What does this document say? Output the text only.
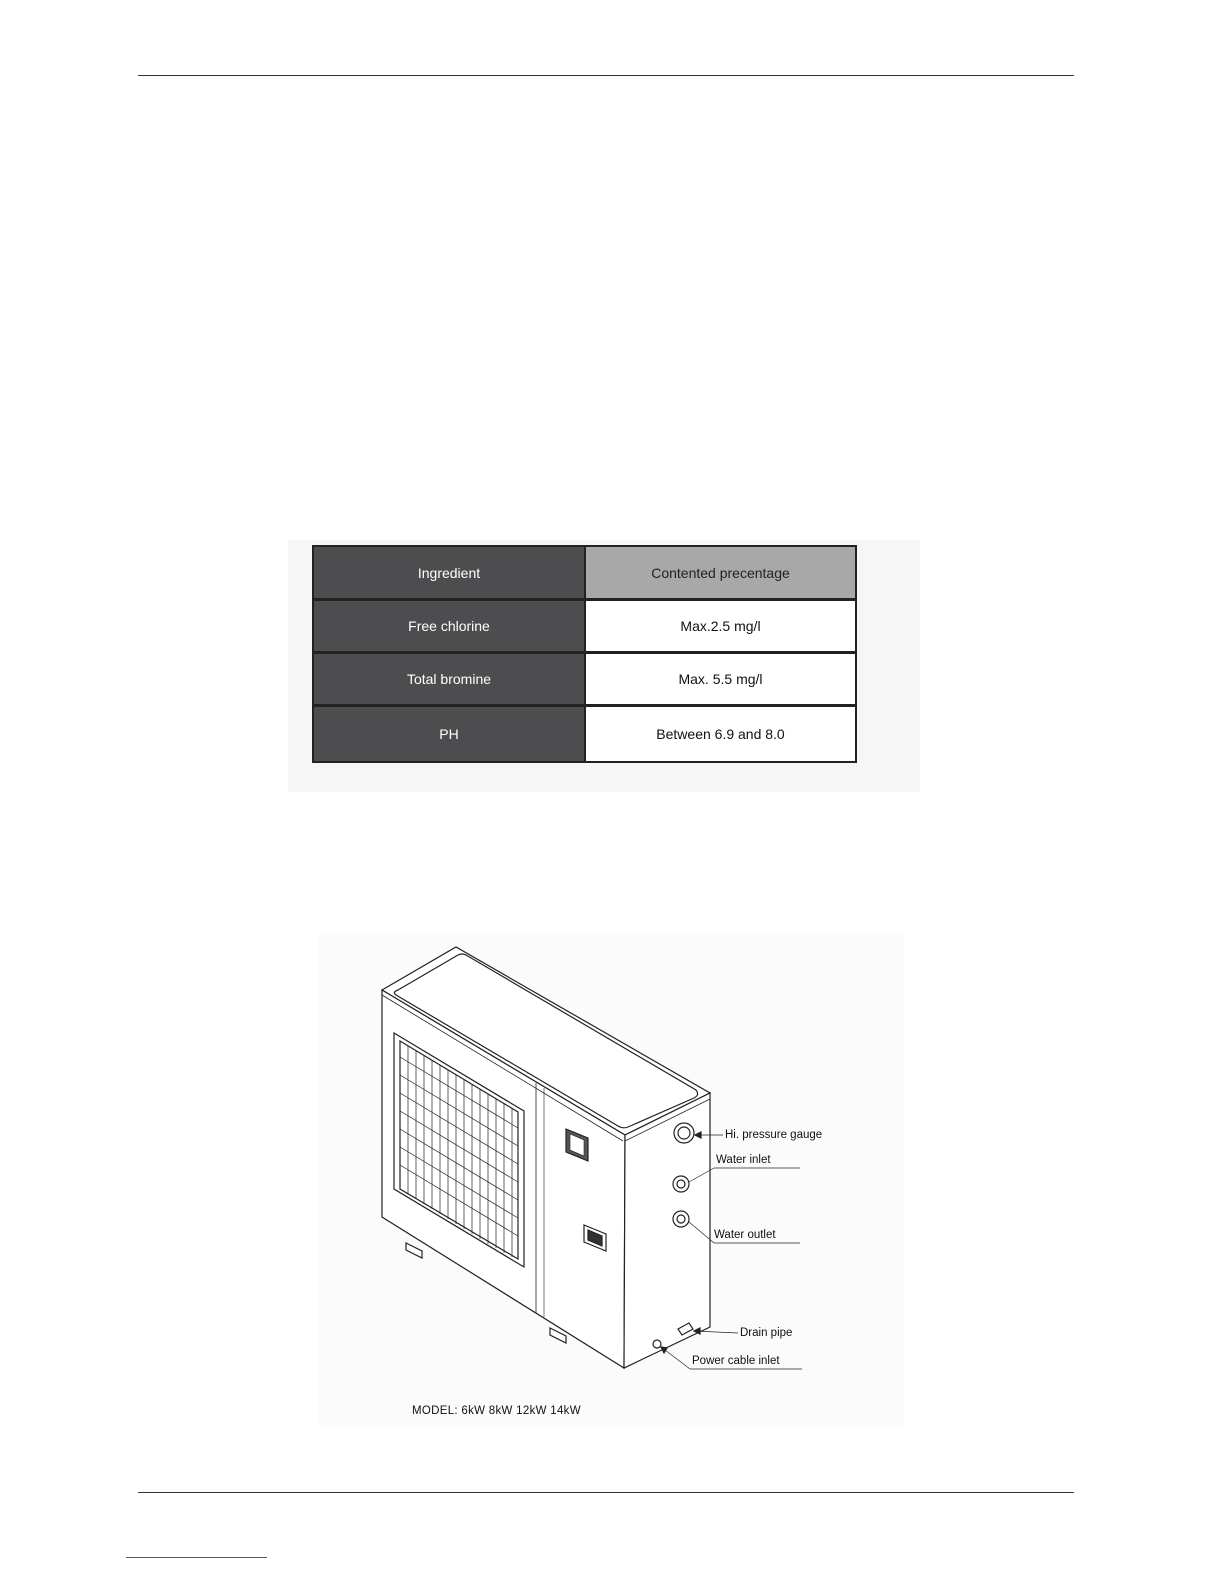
Ingredient	Contented precentage
Free chlorine	Max.2.5 mg/l
Total bromine	Max. 5.5 mg/l
PH	Between 6.9 and 8.0
Hi. pressure gauge
Water inlet
Water outlet
Drain pipe
Power cable inlet
MODEL: 6kW 8kW 12kW 14kW
